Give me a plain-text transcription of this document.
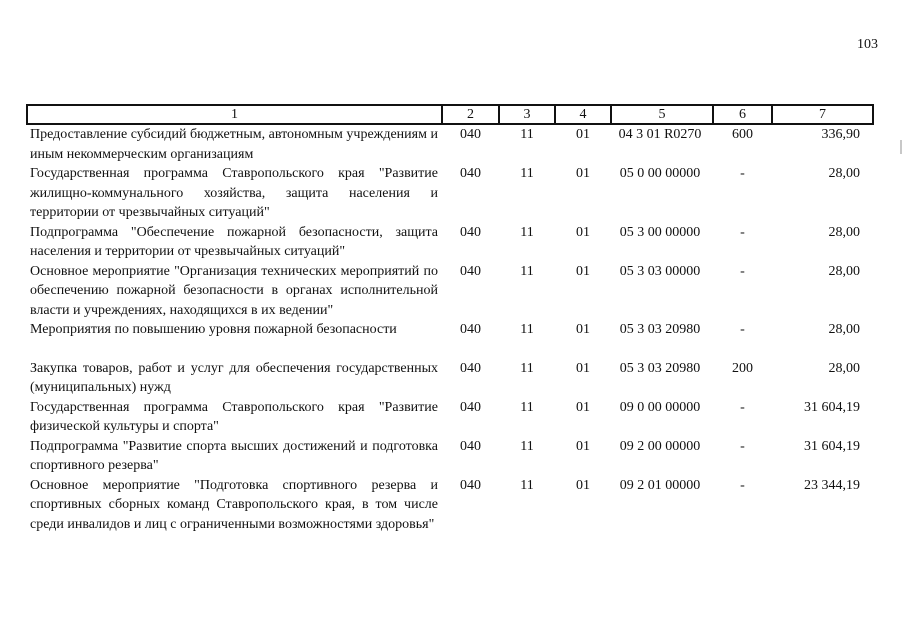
103
1	2	3	4	5	6	7
Предоставление субсидий бюджетным, автономным учреждениям и иным некоммерческим организациям	040	11	01	04 3 01 R0270	600	336,90
Государственная программа Ставропольского края "Развитие жилищно-коммунального хозяйства, защита населения и территории от чрезвычайных ситуаций"	040	11	01	05 0 00 00000	-	28,00
Подпрограмма "Обеспечение пожарной безопасности, защита населения и территории от чрезвычайных ситуаций"	040	11	01	05 3 00 00000	-	28,00
Основное мероприятие "Организация технических мероприятий по обеспечению пожарной безопасности в органах исполнительной власти и учреждениях, находящихся в их ведении"	040	11	01	05 3 03 00000	-	28,00
Мероприятия по повышению уровня пожарной безопасности	040	11	01	05 3 03 20980	-	28,00
Закупка товаров, работ и услуг для обеспечения государственных (муниципальных) нужд	040	11	01	05 3 03 20980	200	28,00
Государственная программа Ставропольского края "Развитие физической культуры и спорта"	040	11	01	09 0 00 00000	-	31 604,19
Подпрограмма "Развитие спорта высших достижений и подготовка спортивного резерва"	040	11	01	09 2 00 00000	-	31 604,19
Основное мероприятие "Подготовка спортивного резерва и спортивных сборных команд Ставропольского края, в том числе среди инвалидов и лиц с ограниченными возможностями здоровья"	040	11	01	09 2 01 00000	-	23 344,19
